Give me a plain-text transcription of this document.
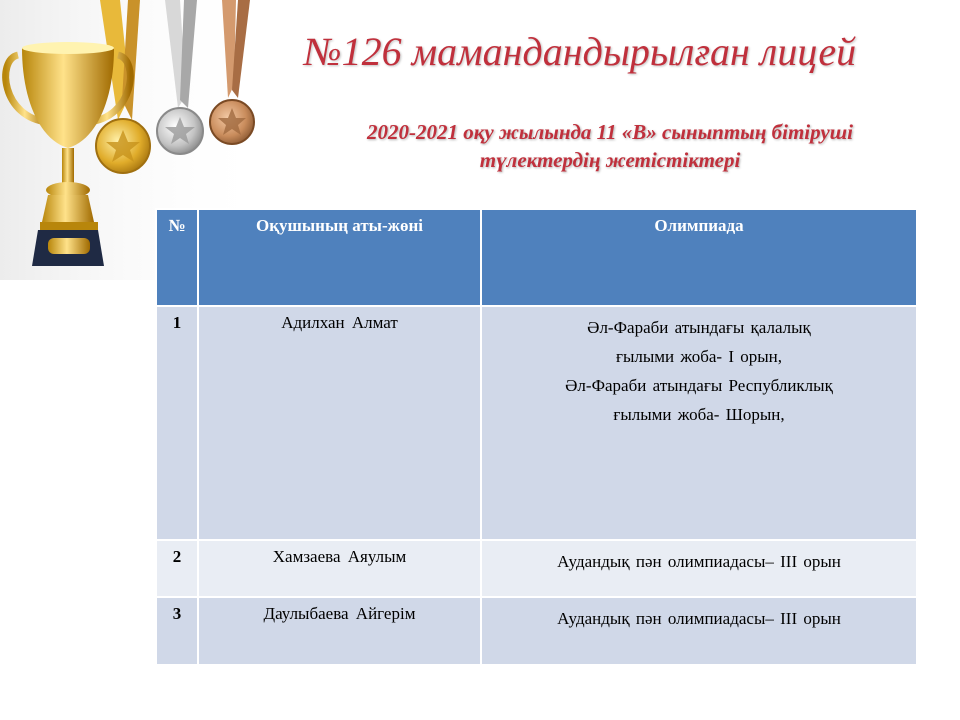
№126 мамандандырылған лицей
2020-2021 оқу жылында 11 «В» сыныптың бітіруші
түлектердің жетістіктері
№	Оқушының аты-жөні	Олимпиада
1	Адилхан Алмат	Әл-Фараби атындағы қалалық
ғылыми жоба- І орын,
Әл-Фараби атындағы Республиклық
ғылыми жоба- Шорын,

2	Хамзаева Аяулым	Аудандық пән олимпиадасы– ІІІ орын

3	Даулыбаева Айгерім	Аудандық пән олимпиадасы– ІІІ орын
